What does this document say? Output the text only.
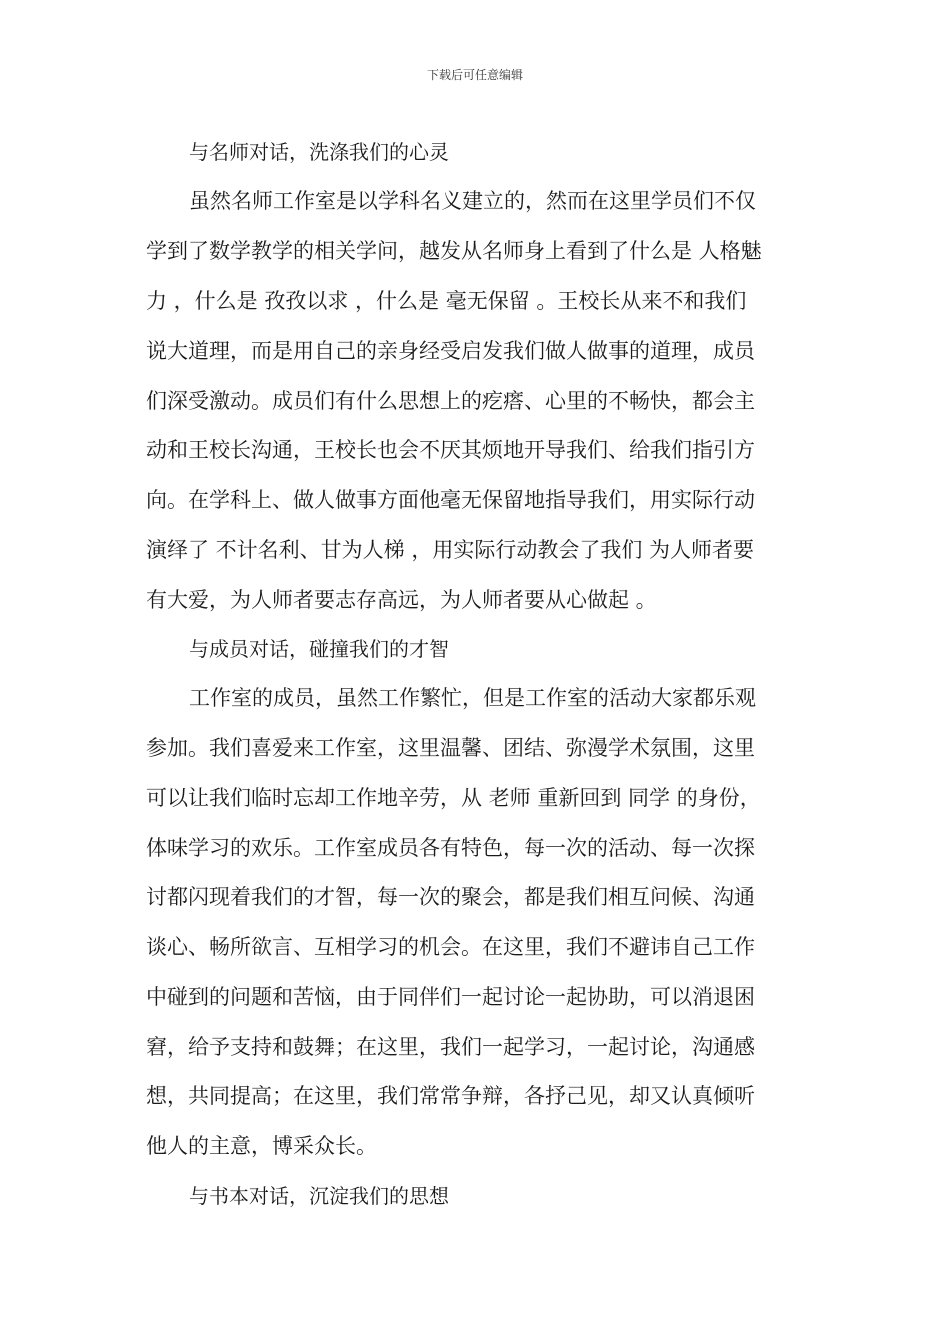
下载后可任意编辑
与名师对话，洗涤我们的心灵
虽然名师工作室是以学科名义建立的，然而在这里学员们不仅
学到了数学教学的相关学问，越发从名师身上看到了什么是 人格魅
力 ，什么是 孜孜以求 ，什么是 毫无保留 。王校长从来不和我们
说大道理，而是用自己的亲身经受启发我们做人做事的道理，成员
们深受激动。成员们有什么思想上的疙瘩、心里的不畅快，都会主
动和王校长沟通，王校长也会不厌其烦地开导我们、给我们指引方
向。在学科上、做人做事方面他毫无保留地指导我们，用实际行动
演绎了 不计名利、甘为人梯 ，用实际行动教会了我们 为人师者要
有大爱，为人师者要志存高远，为人师者要从心做起 。
与成员对话，碰撞我们的才智
工作室的成员，虽然工作繁忙，但是工作室的活动大家都乐观
参加。我们喜爱来工作室，这里温馨、团结、弥漫学术氛围，这里
可以让我们临时忘却工作地辛劳，从 老师 重新回到 同学 的身份，
体味学习的欢乐。工作室成员各有特色，每一次的活动、每一次探
讨都闪现着我们的才智，每一次的聚会，都是我们相互问候、沟通
谈心、畅所欲言、互相学习的机会。在这里，我们不避讳自己工作
中碰到的问题和苦恼，由于同伴们一起讨论一起协助，可以消退困
窘，给予支持和鼓舞；在这里，我们一起学习，一起讨论，沟通感
想，共同提高；在这里，我们常常争辩，各抒己见，却又认真倾听
他人的主意，博采众长。
与书本对话，沉淀我们的思想
